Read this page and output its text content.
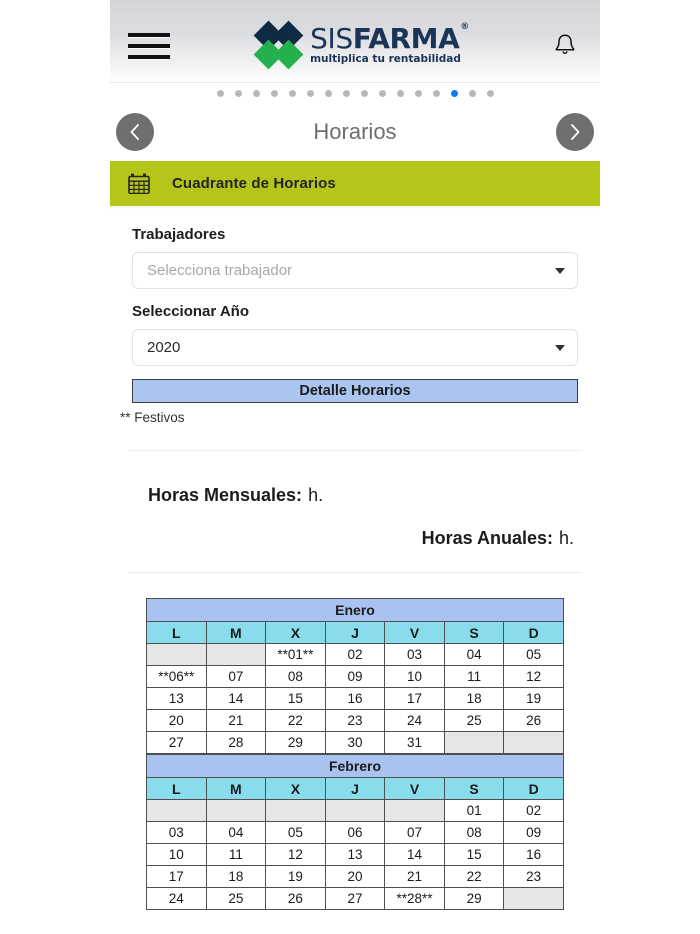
SISFARMA ®
multiplica tu rentabilidad
Horarios
Cuadrante de Horarios
Trabajadores
Selecciona trabajador
Seleccionar Año
2020
Detalle Horarios
** Festivos
Horas Mensuales: h.
Horas Anuales: h.
Enero						
L	M	X	J	V	S	D
		**01**	02	03	04	05
**06**	07	08	09	10	11	12
13	14	15	16	17	18	19
20	21	22	23	24	25	26
27	28	29	30	31		
Febrero						
L	M	X	J	V	S	D
					01	02
03	04	05	06	07	08	09
10	11	12	13	14	15	16
17	18	19	20	21	22	23
24	25	26	27	**28**	29	
